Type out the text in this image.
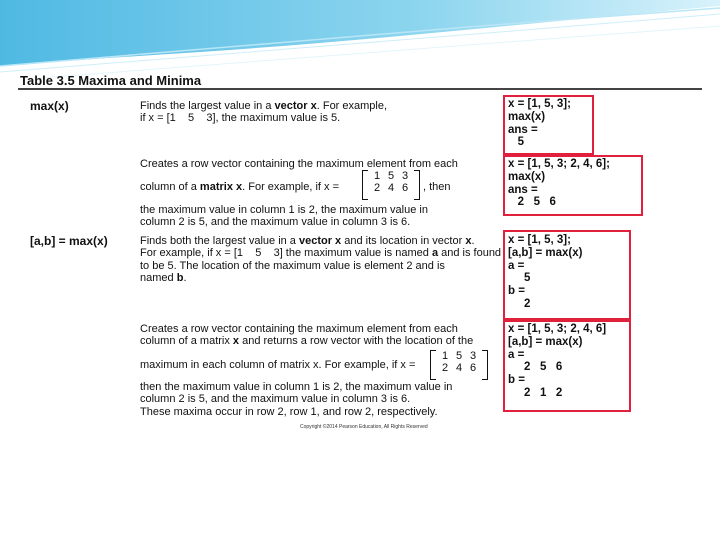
Table 3.5 Maxima and Minima
max(x)	Finds the largest value in a vector x. For example,
if x = [1    5    3], the maximum value is 5.
Creates a row vector containing the maximum element from each
column of a matrix x. For example, if x =
1 5 3
2 4 6 , then
the maximum value in column 1 is 2, the maximum value in
column 2 is 5, and the maximum value in column 3 is 6.
x = [1, 5, 3];
max(x)
ans =
5
x = [1, 5, 3; 2, 4, 6];
max(x)
ans =
2   5   6
[a,b] = max(x)	Finds both the largest value in a vector x and its location in vector x.
For example, if x = [1    5    3] the maximum value is named a and is found
to be 5. The location of the maximum value is element 2 and is
named b.
Creates a row vector containing the maximum element from each
column of a matrix x and returns a row vector with the location of the
maximum in each column of matrix x. For example, if x =
1 5 3
2 4 6
then the maximum value in column 1 is 2, the maximum value in
column 2 is 5, and the maximum value in column 3 is 6.
These maxima occur in row 2, row 1, and row 2, respectively.
x = [1, 5, 3];
[a,b] = max(x)
a =
5
b =
2
x = [1, 5, 3; 2, 4, 6]
[a,b] = max(x)
a =
2   5   6
b =
2   1   2
Copyright ©2014 Pearson Education, All Rights Reserved
